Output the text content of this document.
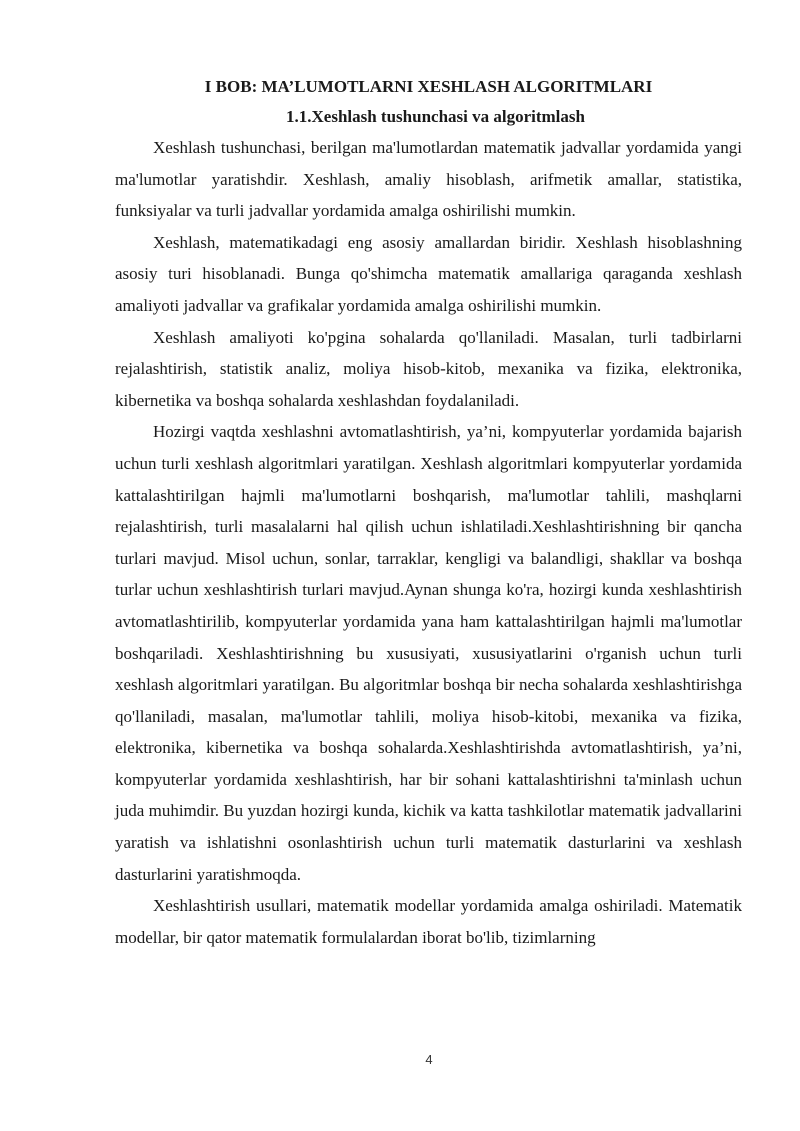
I BOB: MA’LUMOTLARNI XESHLASH ALGORITMLARI
1.1.Xeshlash tushunchasi va algoritmlash

Xeshlash tushunchasi, berilgan ma'lumotlardan matematik jadvallar yordamida yangi ma'lumotlar yaratishdir. Xeshlash, amaliy hisoblash, arifmetik amallar, statistika, funksiyalar va turli jadvallar yordamida amalga oshirilishi mumkin.

Xeshlash, matematikadagi eng asosiy amallardan biridir. Xeshlash hisoblashning asosiy turi hisoblanadi. Bunga qo'shimcha matematik amallariga qaraganda xeshlash amaliyoti jadvallar va grafikalar yordamida amalga oshirilishi mumkin.

Xeshlash amaliyoti ko'pgina sohalarda qo'llaniladi. Masalan, turli tadbirlarni rejalashtirish, statistik analiz, moliya hisob-kitob, mexanika va fizika, elektronika, kibernetika va boshqa sohalarda xeshlashdan foydalaniladi.

Hozirgi vaqtda xeshlashni avtomatlashtirish, ya’ni, kompyuterlar yordamida bajarish uchun turli xeshlash algoritmlari yaratilgan. Xeshlash algoritmlari kompyuterlar yordamida kattalashtirilgan hajmli ma'lumotlarni boshqarish, ma'lumotlar tahlili, mashqlarni rejalashtirish, turli masalalarni hal qilish uchun ishlatiladi.Xeshlashtirishning bir qancha turlari mavjud. Misol uchun, sonlar, tarraklar, kengligi va balandligi, shakllar va boshqa turlar uchun xeshlashtirish turlari mavjud.Aynan shunga ko'ra, hozirgi kunda xeshlashtirish avtomatlashtirilib, kompyuterlar yordamida yana ham kattalashtirilgan hajmli ma'lumotlar boshqariladi. Xeshlashtirishning bu xususiyati, xususiyatlarini o'rganish uchun turli xeshlash algoritmlari yaratilgan. Bu algoritmlar boshqa bir necha sohalarda xeshlashtirishga qo'llaniladi, masalan, ma'lumotlar tahlili, moliya hisob-kitobi, mexanika va fizika, elektronika, kibernetika va boshqa sohalarda.Xeshlashtirishda avtomatlashtirish, ya’ni, kompyuterlar yordamida xeshlashtirish, har bir sohani kattalashtirishni ta'minlash uchun juda muhimdir. Bu yuzdan hozirgi kunda, kichik va katta tashkilotlar matematik jadvallarini yaratish va ishlatishni osonlashtirish uchun turli matematik dasturlarini va xeshlash dasturlarini yaratishmoqda.

Xeshlashtirish usullari, matematik modellar yordamida amalga oshiriladi. Matematik modellar, bir qator matematik formulalardan iborat bo'lib, tizimlarning

4
